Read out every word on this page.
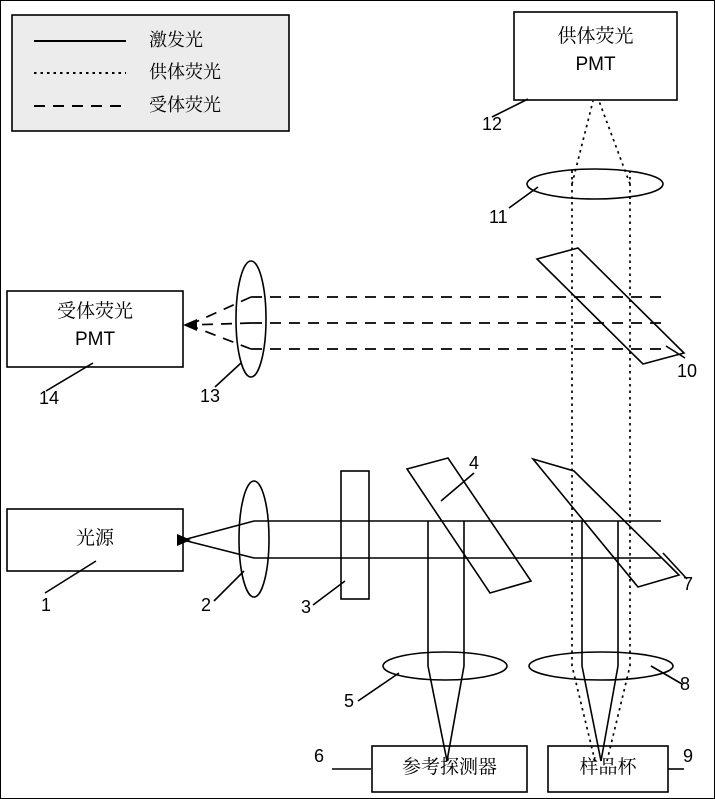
激发光
供体荧光
受体荧光
供体荧光
PMT
受体荧光
PMT
光源
参考探测器	样品杯
1	2	3
4
5
6
7
8
9
10
11
12
13
14
